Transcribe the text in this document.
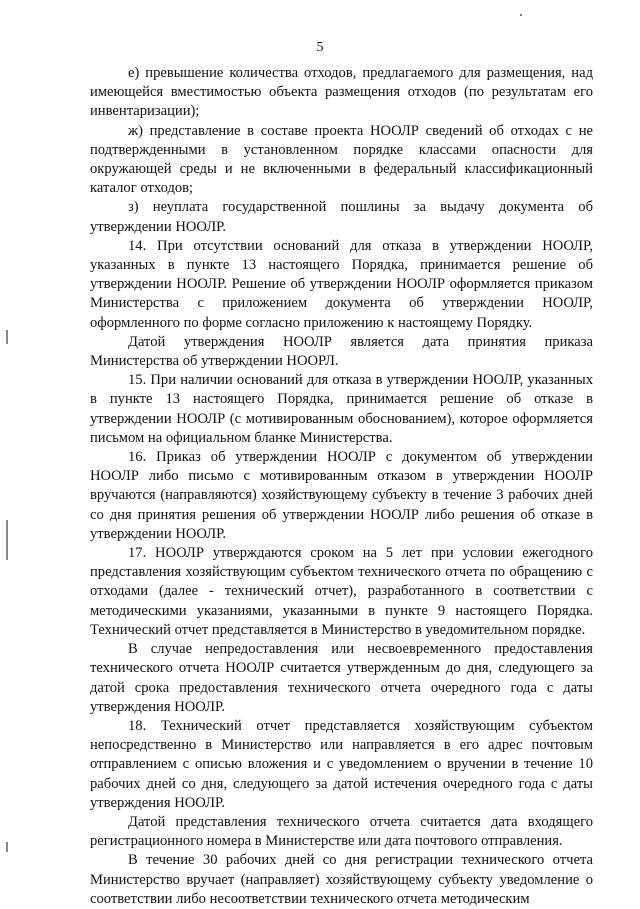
5

е) превышение количества отходов, предлагаемого для размещения, над имеющейся вместимостью объекта размещения отходов (по результатам его инвентаризации);

ж) представление в составе проекта НООЛР сведений об отходах с не подтвержденными в установленном порядке классами опасности для окружающей среды и не включенными в федеральный классификационный каталог отходов;

з) неуплата государственной пошлины за выдачу документа об утверждении НООЛР.

14. При отсутствии оснований для отказа в утверждении НООЛР, указанных в пункте 13 настоящего Порядка, принимается решение об утверждении НООЛР. Решение об утверждении НООЛР оформляется приказом Министерства с приложением документа об утверждении НООЛР, оформленного по форме согласно приложению к настоящему Порядку.

Датой утверждения НООЛР является дата принятия приказа Министерства об утверждении НООРЛ.

15. При наличии оснований для отказа в утверждении НООЛР, указанных в пункте 13 настоящего Порядка, принимается решение об отказе в утверждении НООЛР (с мотивированным обоснованием), которое оформляется письмом на официальном бланке Министерства.

16. Приказ об утверждении НООЛР с документом об утверждении НООЛР либо письмо с мотивированным отказом в утверждении НООЛР вручаются (направляются) хозяйствующему субъекту в течение 3 рабочих дней со дня принятия решения об утверждении НООЛР либо решения об отказе в утверждении НООЛР.

17. НООЛР утверждаются сроком на 5 лет при условии ежегодного представления хозяйствующим субъектом технического отчета по обращению с отходами (далее - технический отчет), разработанного в соответствии с методическими указаниями, указанными в пункте 9 настоящего Порядка. Технический отчет представляется в Министерство в уведомительном порядке.

В случае непредоставления или несвоевременного предоставления технического отчета НООЛР считается утвержденным до дня, следующего за датой срока предоставления технического отчета очередного года с даты утверждения НООЛР.

18. Технический отчет представляется хозяйствующим субъектом непосредственно в Министерство или направляется в его адрес почтовым отправлением с описью вложения и с уведомлением о вручении в течение 10 рабочих дней со дня, следующего за датой истечения очередного года с даты утверждения НООЛР.

Датой представления технического отчета считается дата входящего регистрационного номера в Министерстве или дата почтового отправления.

В течение 30 рабочих дней со дня регистрации технического отчета Министерство вручает (направляет) хозяйствующему субъекту уведомление о соответствии либо несоответствии технического отчета методическим
